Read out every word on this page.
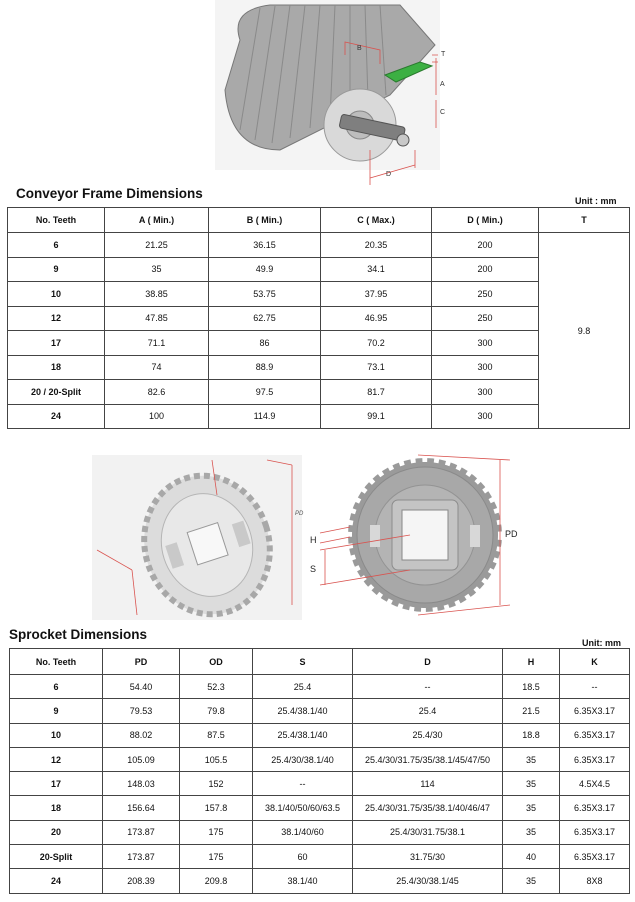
B
T
A
C
D
Conveyor Frame Dimensions	Unit : mm
No. Teeth	A ( Min.)	B ( Min.)	C ( Max.)	D ( Min.)	T
6	21.25	36.15	20.35	200	9.8
9	35	49.9	34.1	200	
10	38.85	53.75	37.95	250	
12	47.85	62.75	46.95	250	
17	71.1	86	70.2	300	
18	74	88.9	73.1	300	
20 / 20-Split	82.6	97.5	81.7	300	
24	100	114.9	99.1	300	
PD
PD
H
S
Sprocket Dimensions
Unit: mm
No. Teeth	PD	OD	S	D	H	K
6	54.40	52.3	25.4	--	18.5	--
9	79.53	79.8	25.4/38.1/40	25.4	21.5	6.35X3.17
10	88.02	87.5	25.4/38.1/40	25.4/30	18.8	6.35X3.17
12	105.09	105.5	25.4/30/38.1/40	25.4/30/31.75/35/38.1/45/47/50	35	6.35X3.17
17	148.03	152	--	114	35	4.5X4.5
18	156.64	157.8	38.1/40/50/60/63.5	25.4/30/31.75/35/38.1/40/46/47	35	6.35X3.17
20	173.87	175	38.1/40/60	25.4/30/31.75/38.1	35	6.35X3.17
20-Split	173.87	175	60	31.75/30	40	6.35X3.17
24	208.39	209.8	38.1/40	25.4/30/38.1/45	35	8X8
